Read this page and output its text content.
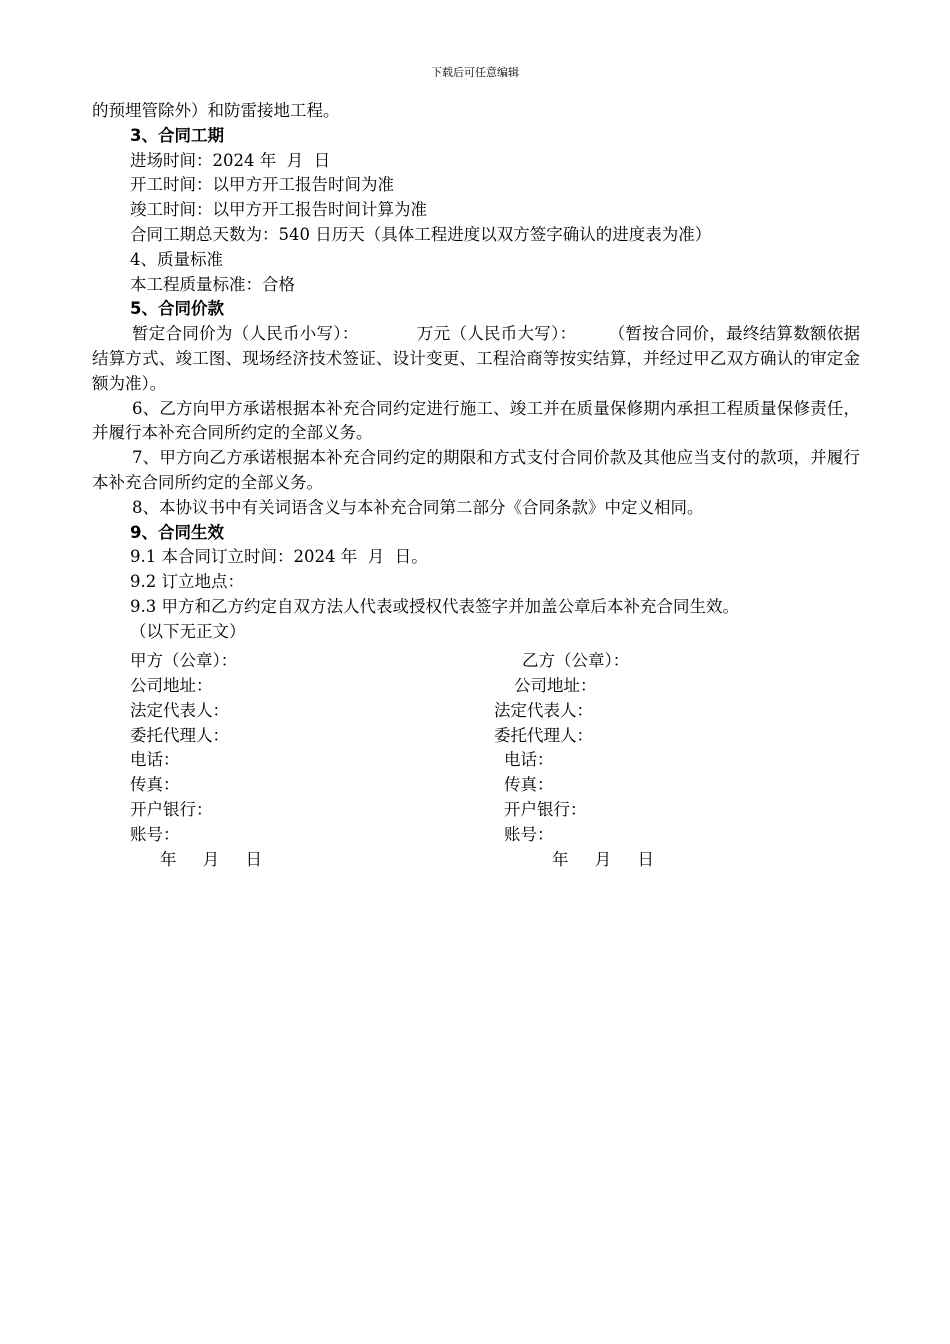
下载后可任意编辑

的预埋管除外）和防雷接地工程。

3、合同工期

进场时间：2024 年  月  日

开工时间：以甲方开工报告时间为准

竣工时间：以甲方开工报告时间计算为准

合同工期总天数为：540 日历天（具体工程进度以双方签字确认的进度表为准）

4、质量标准

本工程质量标准：合格

5、合同价款

暂定合同价为（人民币小写）：	万元（人民币大写）： （暂按合同价，最终结算数额依据结算方式、竣工图、现场经济技术签证、设计变更、工程洽商等按实结算，并经过甲乙双方确认的审定金额为准）。

6、乙方向甲方承诺根据本补充合同约定进行施工、竣工并在质量保修期内承担工程质量保修责任，并履行本补充合同所约定的全部义务。

7、甲方向乙方承诺根据本补充合同约定的期限和方式支付合同价款及其他应当支付的款项，并履行本补充合同所约定的全部义务。

8、本协议书中有关词语含义与本补充合同第二部分《合同条款》中定义相同。

9、合同生效

9.1 本合同订立时间：2024 年  月  日。

9.2 订立地点：

9.3 甲方和乙方约定自双方法人代表或授权代表签字并加盖公章后本补充合同生效。

（以下无正文）

甲方（公章）：
公司地址：
法定代表人：
委托代理人：
电话：
传真：
开户银行：
账号：
年     月     日
乙方（公章）：
公司地址：
法定代表人：
委托代理人：
电话：
传真：
开户银行：
账号：
年     月     日
